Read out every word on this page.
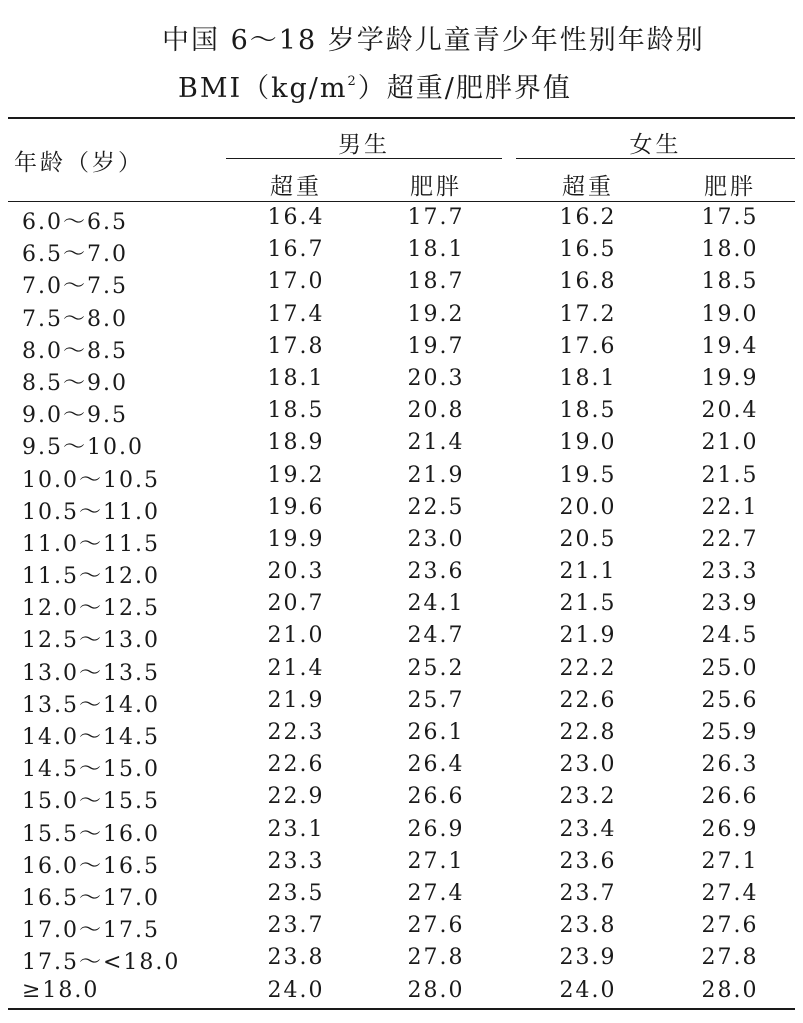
中国 6～18 岁学龄儿童青少年性别年龄别
$BMI(kg/m^2)$超重/肥胖界值
年龄（岁）
男生	女生
超重	肥胖	超重	肥胖
6.0～6.5	16.4	17.7	16.2	17.5
6.5～7.0	16.7	18.1	16.5	18.0
7.0～7.5	17.0	18.7	16.8	18.5
7.5～8.0	17.4	19.2	17.2	19.0
8.0～8.5	17.8	19.7	17.6	19.4
8.5～9.0	18.1	20.3	18.1	19.9
9.0～9.5	18.5	20.8	18.5	20.4
9.5～10.0	18.9	21.4	19.0	21.0
10.0～10.5	19.2	21.9	19.5	21.5
10.5～11.0	19.6	22.5	20.0	22.1
11.0～11.5	19.9	23.0	20.5	22.7
11.5～12.0	20.3	23.6	21.1	23.3
12.0～12.5	20.7	24.1	21.5	23.9
12.5～13.0	21.0	24.7	21.9	24.5
13.0～13.5	21.4	25.2	22.2	25.0
13.5～14.0	21.9	25.7	22.6	25.6
14.0～14.5	22.3	26.1	22.8	25.9
14.5～15.0	22.6	26.4	23.0	26.3
15.0～15.5	22.9	26.6	23.2	26.6
15.5～16.0	23.1	26.9	23.4	26.9
16.0～16.5	23.3	27.1	23.6	27.1
16.5～17.0	23.5	27.4	23.7	27.4
17.0～17.5	23.7	27.6	23.8	27.6
17.5～<18.0	23.8	27.8	23.9	27.8
≥18.0	24.0	28.0	24.0	28.0
